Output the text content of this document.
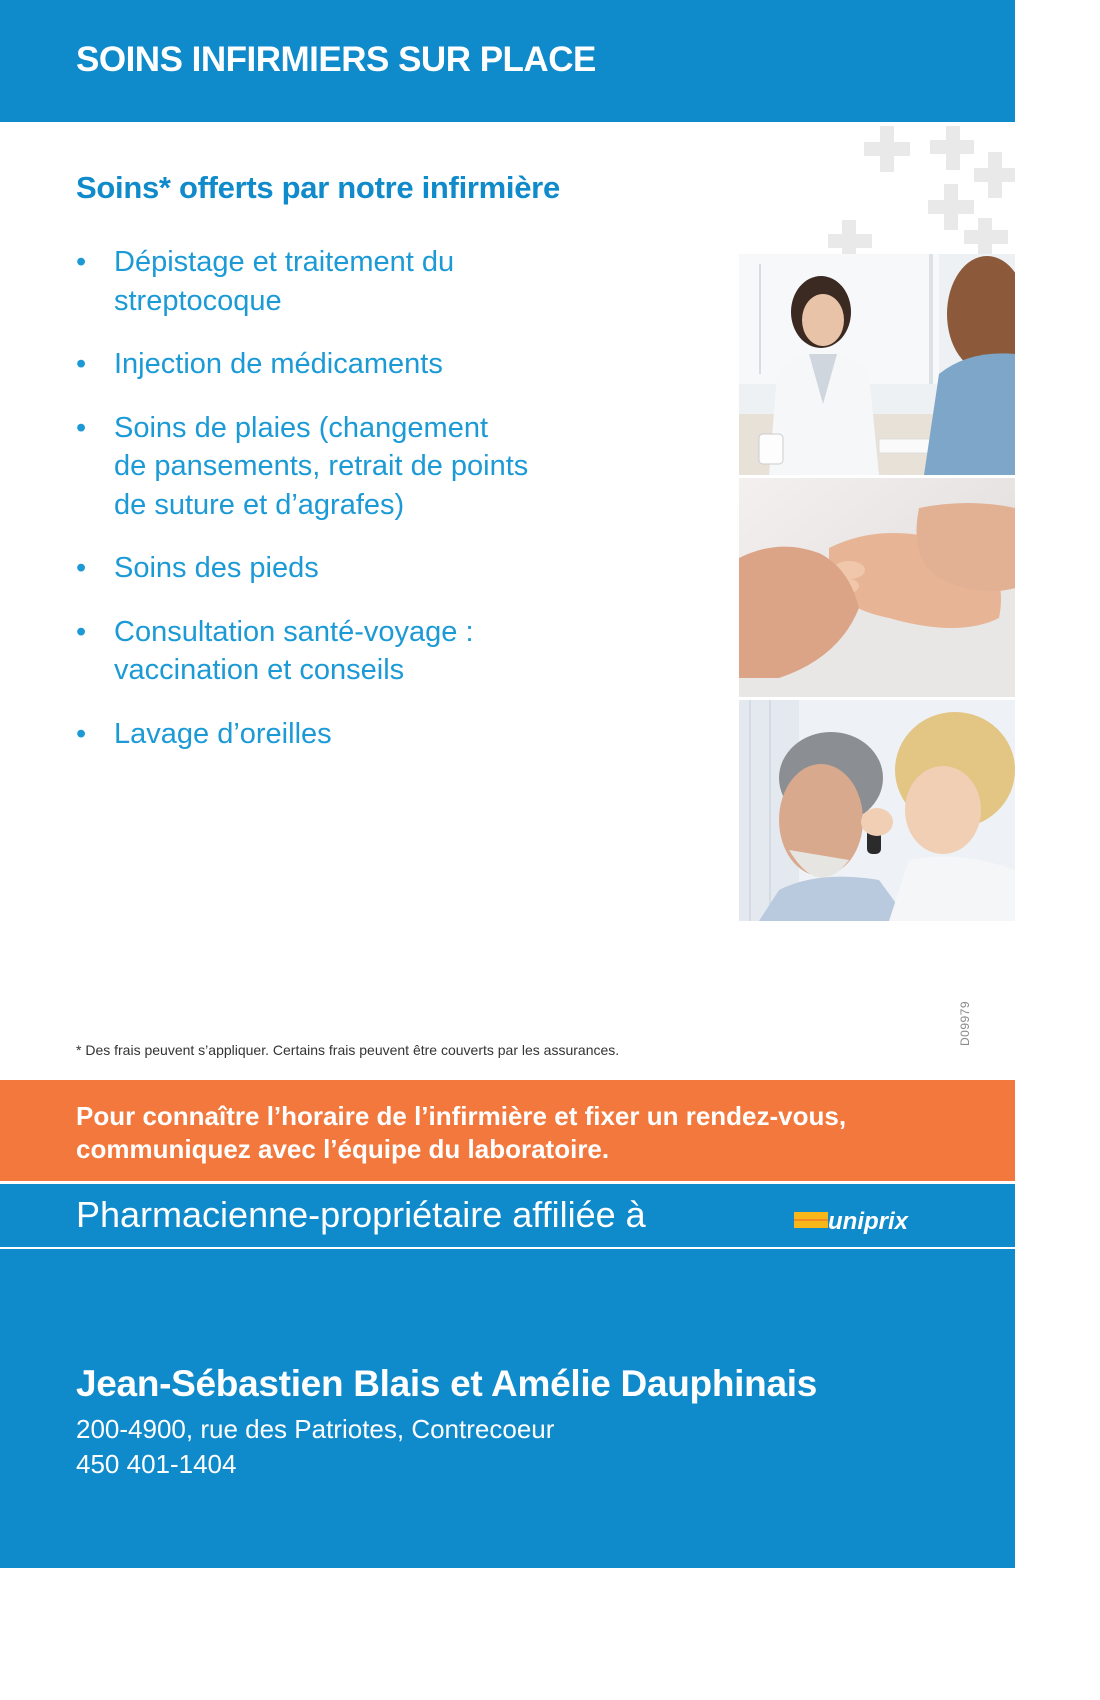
SOINS INFIRMIERS SUR PLACE
Soins* offerts par notre infirmière
• Dépistage et traitement du
streptocoque
• Injection de médicaments
• Soins de plaies (changement
de pansements, retrait de points
de suture et d’agrafes)
• Soins des pieds
• Consultation santé-voyage :
vaccination et conseils
• Lavage d’oreilles
* Des frais peuvent s’appliquer. Certains frais peuvent être couverts par les assurances.
D09979
Pour connaître l’horaire de l’infirmière et fixer un rendez-vous,
communiquez avec l’équipe du laboratoire.
Pharmacienne-propriétaire affiliée à	uniprix
Jean-Sébastien Blais et Amélie Dauphinais
200-4900, rue des Patriotes, Contrecoeur
450 401-1404
